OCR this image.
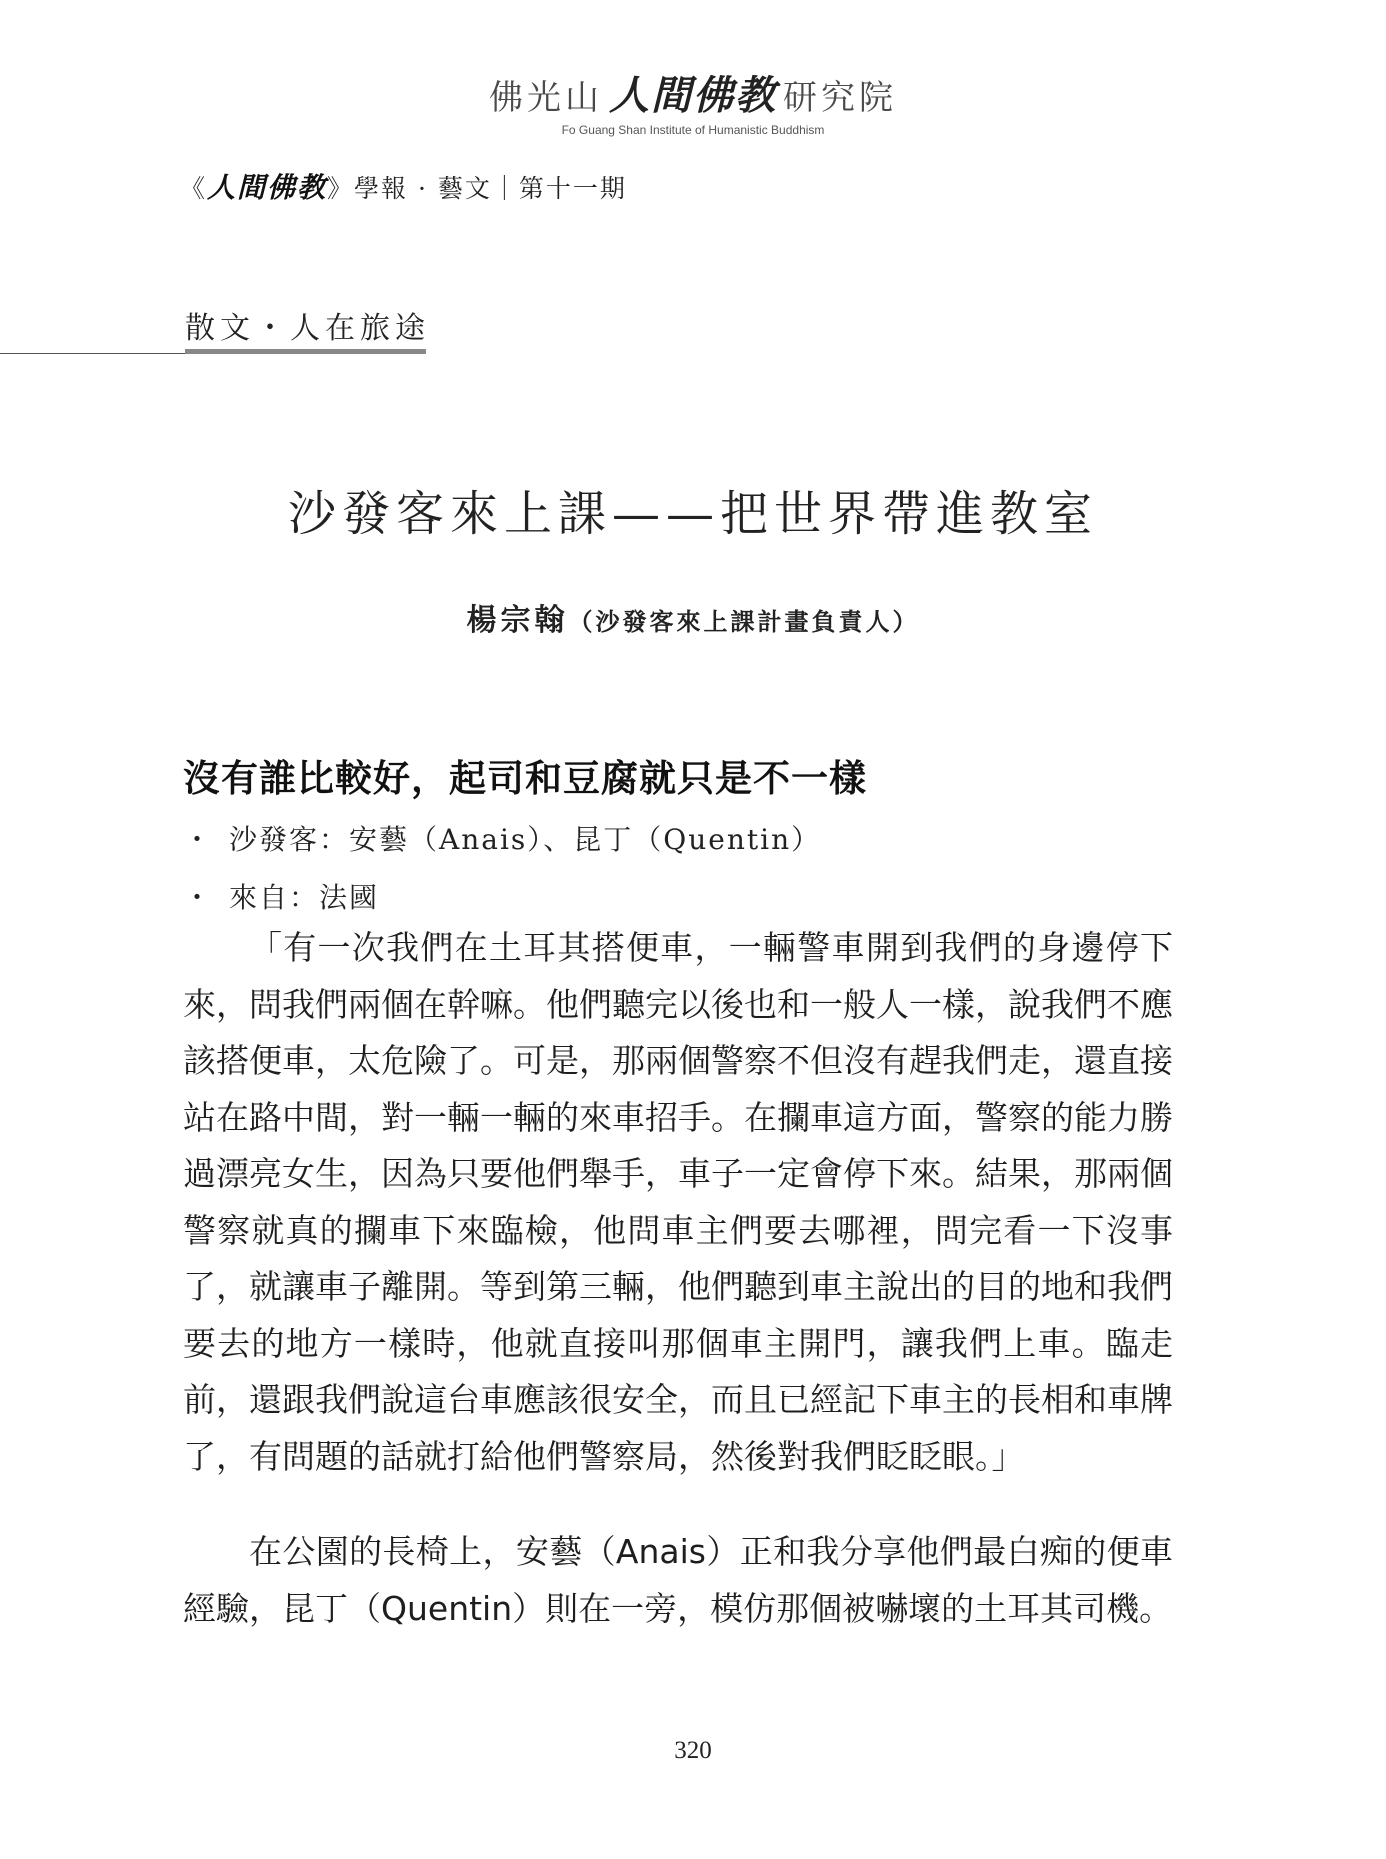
佛光山 人間佛教 研究院
Fo Guang Shan Institute of Humanistic Buddhism
《人間佛教》學報 · 藝文｜第十一期
散文・人在旅途
沙發客來上課——把世界帶進教室
楊宗翰（沙發客來上課計畫負責人）
沒有誰比較好，起司和豆腐就只是不一樣
・ 沙發客：安藝（Anais）、昆丁（Quentin）
・ 來自：法國

「有一次我們在土耳其搭便車，一輛警車開到我們的身邊停下來，問我們兩個在幹嘛。他們聽完以後也和一般人一樣，說我們不應該搭便車，太危險了。可是，那兩個警察不但沒有趕我們走，還直接站在路中間，對一輛一輛的來車招手。在攔車這方面，警察的能力勝過漂亮女生，因為只要他們舉手，車子一定會停下來。結果，那兩個警察就真的攔車下來臨檢，他問車主們要去哪裡，問完看一下沒事了，就讓車子離開。等到第三輛，他們聽到車主說出的目的地和我們要去的地方一樣時，他就直接叫那個車主開門，讓我們上車。臨走前，還跟我們說這台車應該很安全，而且已經記下車主的長相和車牌了，有問題的話就打給他們警察局，然後對我們眨眨眼。」

在公園的長椅上，安藝（Anais）正和我分享他們最白痴的便車經驗，昆丁（Quentin）則在一旁，模仿那個被嚇壞的土耳其司機。

320
